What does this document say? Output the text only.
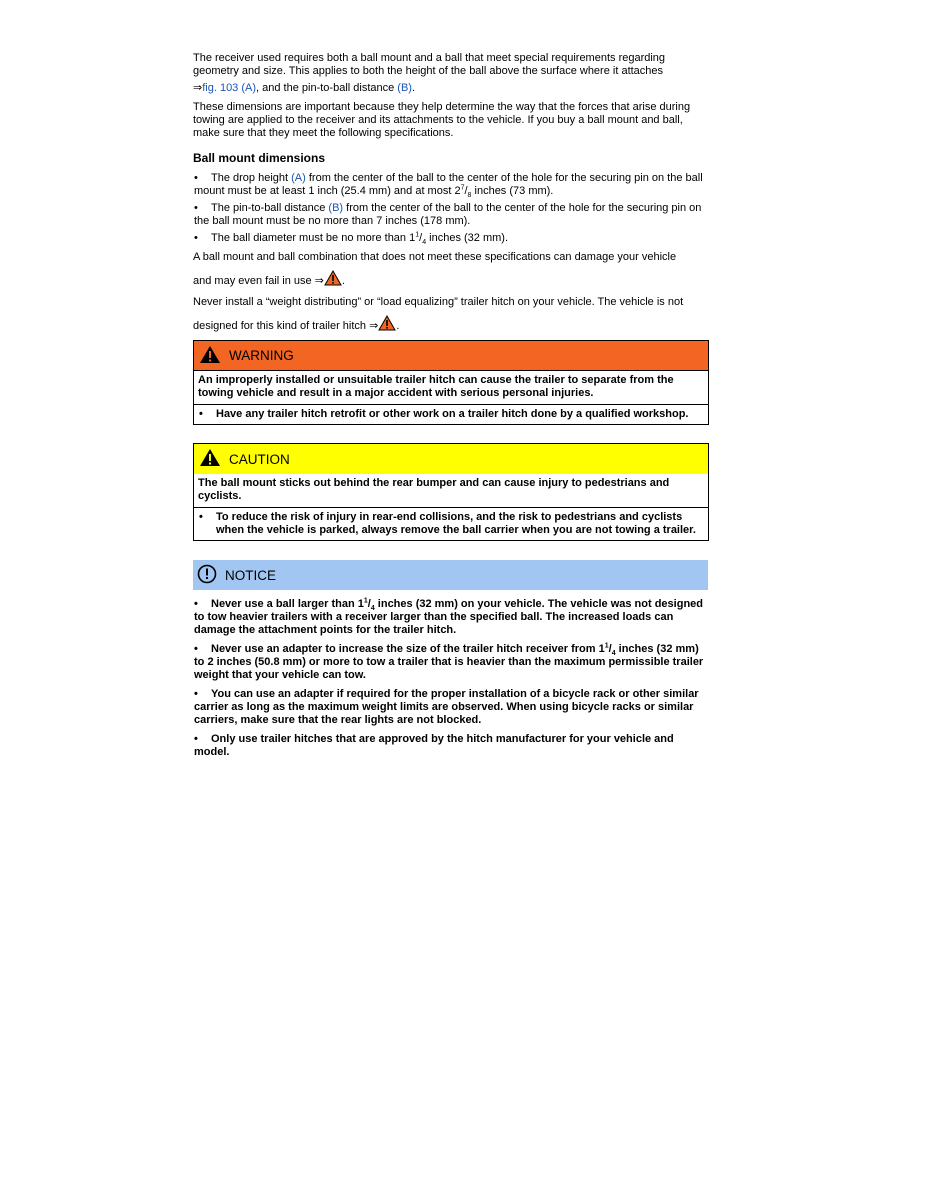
The receiver used requires both a ball mount and a ball that meet special requirements regarding geometry and size. This applies to both the height of the ball above the surface where it attaches
⇒fig. 103 (A), and the pin-to-ball distance (B).

These dimensions are important because they help determine the way that the forces that arise during towing are applied to the receiver and its attachments to the vehicle. If you buy a ball mount and ball, make sure that they meet the following specifications.

Ball mount dimensions

•	The drop height (A) from the center of the ball to the center of the hole for the securing pin on the ball mount must be at least 1 inch (25.4 mm) and at most $2^7/_8$ inches (73 mm).
•	The pin-to-ball distance (B) from the center of the ball to the center of the hole for the securing pin on the ball mount must be no more than 7 inches (178 mm).
•	The ball diameter must be no more than $1^1/_4$ inches (32 mm).

A ball mount and ball combination that does not meet these specifications can damage your vehicle

and may even fail in use ⇒ .

Never install a “weight distributing” or “load equalizing” trailer hitch on your vehicle. The vehicle is not

designed for this kind of trailer hitch ⇒ .

WARNING
An improperly installed or unsuitable trailer hitch can cause the trailer to separate from the towing vehicle and result in a major accident with serious personal injuries.
•	Have any trailer hitch retrofit or other work on a trailer hitch done by a qualified workshop.
CAUTION
The ball mount sticks out behind the rear bumper and can cause injury to pedestrians and cyclists.
•	To reduce the risk of injury in rear-end collisions, and the risk to pedestrians and cyclists when the vehicle is parked, always remove the ball carrier when you are not towing a trailer.
NOTICE
•	Never use a ball larger than $1^1/_4$ inches (32 mm) on your vehicle. The vehicle was not designed to tow heavier trailers with a receiver larger than the specified ball. The increased loads can damage the attachment points for the trailer hitch.
•	Never use an adapter to increase the size of the trailer hitch receiver from $1^1/_4$ inches (32 mm) to 2 inches (50.8 mm) or more to tow a trailer that is heavier than the maximum permissible trailer weight that your vehicle can tow.
•	You can use an adapter if required for the proper installation of a bicycle rack or other similar carrier as long as the maximum weight limits are observed. When using bicycle racks or similar carriers, make sure that the rear lights are not blocked.
•	Only use trailer hitches that are approved by the hitch manufacturer for your vehicle and model.
